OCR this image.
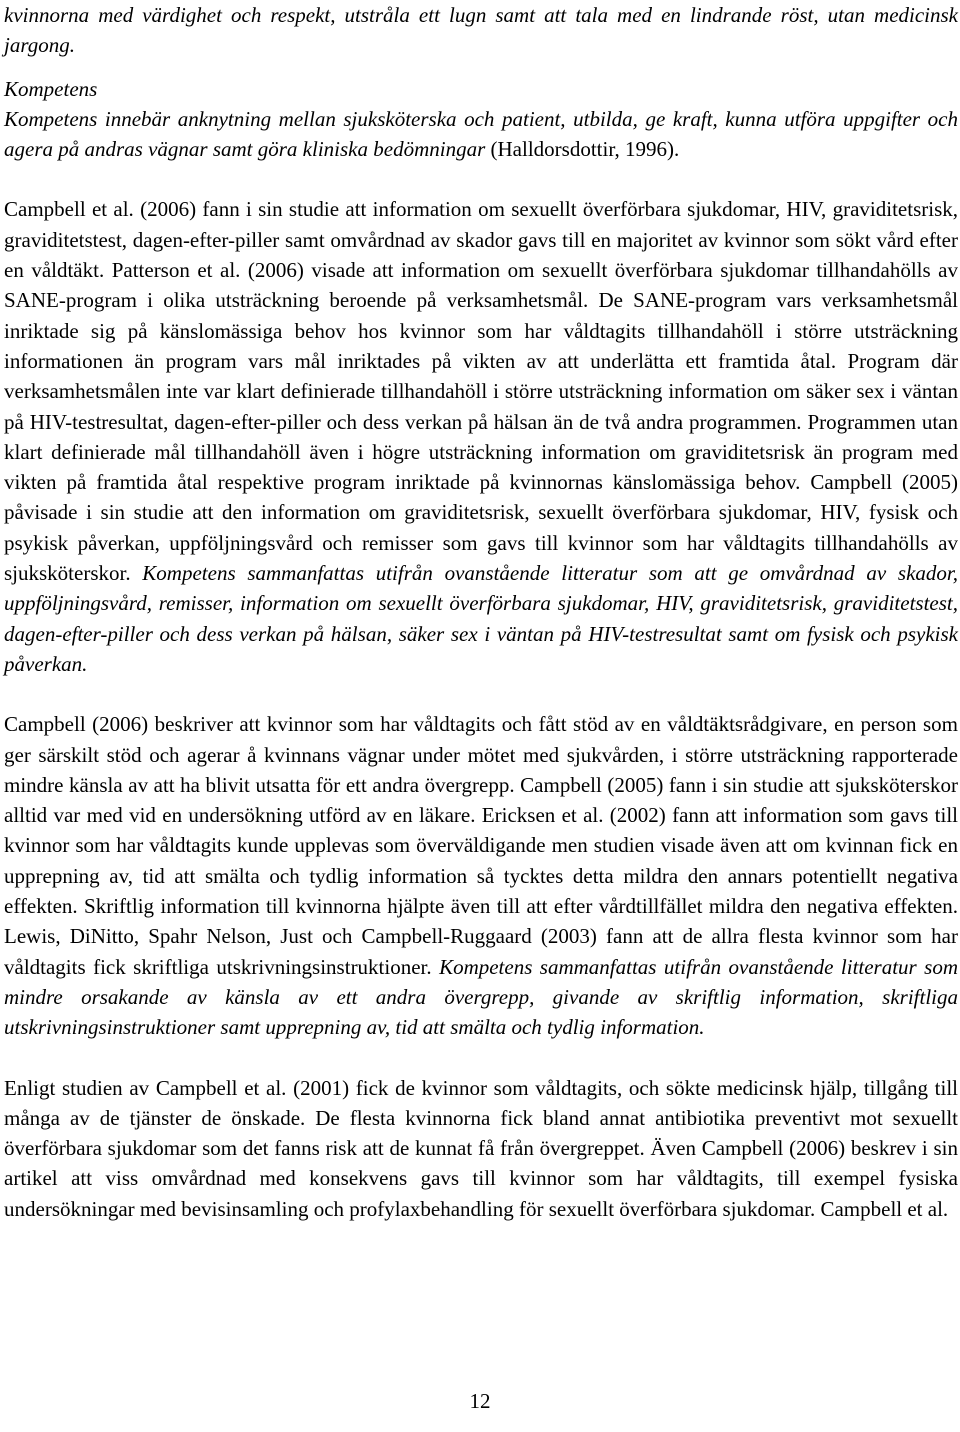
kvinnorna med värdighet och respekt, utstråla ett lugn samt att tala med en lindrande röst, utan medicinsk jargong.

Kompetens

Kompetens innebär anknytning mellan sjuksköterska och patient, utbilda, ge kraft, kunna utföra uppgifter och agera på andras vägnar samt göra kliniska bedömningar (Halldorsdottir, 1996).

Campbell et al. (2006) fann i sin studie att information om sexuellt överförbara sjukdomar, HIV, graviditetsrisk, graviditetstest, dagen-efter-piller samt omvårdnad av skador gavs till en majoritet av kvinnor som sökt vård efter en våldtäkt. Patterson et al. (2006) visade att information om sexuellt överförbara sjukdomar tillhandahölls av SANE-program i olika utsträckning beroende på verksamhetsmål. De SANE-program vars verksamhetsmål inriktade sig på känslomässiga behov hos kvinnor som har våldtagits tillhandahöll i större utsträckning informationen än program vars mål inriktades på vikten av att underlätta ett framtida åtal. Program där verksamhetsmålen inte var klart definierade tillhandahöll i större utsträckning information om säker sex i väntan på HIV-testresultat, dagen-efter-piller och dess verkan på hälsan än de två andra programmen. Programmen utan klart definierade mål tillhandahöll även i högre utsträckning information om graviditetsrisk än program med vikten på framtida åtal respektive program inriktade på kvinnornas känslomässiga behov. Campbell (2005) påvisade i sin studie att den information om graviditetsrisk, sexuellt överförbara sjukdomar, HIV, fysisk och psykisk påverkan, uppföljningsvård och remisser som gavs till kvinnor som har våldtagits tillhandahölls av sjuksköterskor. Kompetens sammanfattas utifrån ovanstående litteratur som att ge omvårdnad av skador, uppföljningsvård, remisser, information om sexuellt överförbara sjukdomar, HIV, graviditetsrisk, graviditetstest, dagen-efter-piller och dess verkan på hälsan, säker sex i väntan på HIV-testresultat samt om fysisk och psykisk påverkan.

Campbell (2006) beskriver att kvinnor som har våldtagits och fått stöd av en våldtäktsrådgivare, en person som ger särskilt stöd och agerar å kvinnans vägnar under mötet med sjukvården, i större utsträckning rapporterade mindre känsla av att ha blivit utsatta för ett andra övergrepp. Campbell (2005) fann i sin studie att sjuksköterskor alltid var med vid en undersökning utförd av en läkare. Ericksen et al. (2002) fann att information som gavs till kvinnor som har våldtagits kunde upplevas som överväldigande men studien visade även att om kvinnan fick en upprepning av, tid att smälta och tydlig information så tycktes detta mildra den annars potentiellt negativa effekten. Skriftlig information till kvinnorna hjälpte även till att efter vårdtillfället mildra den negativa effekten. Lewis, DiNitto, Spahr Nelson, Just och Campbell-Ruggaard (2003) fann att de allra flesta kvinnor som har våldtagits fick skriftliga utskrivningsinstruktioner. Kompetens sammanfattas utifrån ovanstående litteratur som mindre orsakande av känsla av ett andra övergrepp, givande av skriftlig information, skriftliga utskrivningsinstruktioner samt upprepning av, tid att smälta och tydlig information.

Enligt studien av Campbell et al. (2001) fick de kvinnor som våldtagits, och sökte medicinsk hjälp, tillgång till många av de tjänster de önskade. De flesta kvinnorna fick bland annat antibiotika preventivt mot sexuellt överförbara sjukdomar som det fanns risk att de kunnat få från övergreppet. Även Campbell (2006) beskrev i sin artikel att viss omvårdnad med konsekvens gavs till kvinnor som har våldtagits, till exempel fysiska undersökningar med bevisinsamling och profylaxbehandling för sexuellt överförbara sjukdomar. Campbell et al.

12
